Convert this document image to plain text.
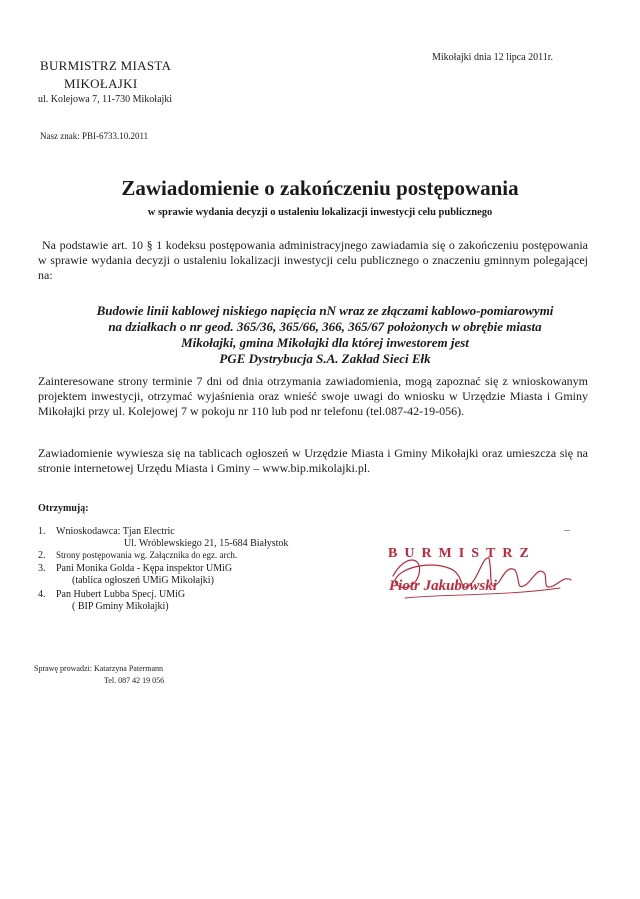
BURMISTRZ MIASTA
MIKOŁAJKI
ul. Kolejowa 7, 11-730 Mikołajki
Mikołajki dnia 12 lipca 2011r.
Nasz znak: PBI-6733.10.2011
Zawiadomienie o zakończeniu postępowania
w sprawie wydania decyzji o ustaleniu lokalizacji inwestycji celu publicznego
Na podstawie art. 10 § 1 kodeksu postępowania administracyjnego zawiadamia się o zakończeniu postępowania w sprawie wydania decyzji o ustaleniu lokalizacji inwestycji celu publicznego o znaczeniu gminnym polegającej na:
Budowie linii kablowej niskiego napięcia nN wraz ze złączami kablowo-pomiarowymi
na działkach o nr geod. 365/36, 365/66, 366, 365/67 położonych w obrębie miasta
Mikołajki, gmina Mikołajki dla której inwestorem jest
PGE Dystrybucja S.A. Zakład Sieci Ełk
Zainteresowane strony terminie 7 dni od dnia otrzymania zawiadomienia, mogą zapoznać się z wnioskowanym projektem inwestycji, otrzymać wyjaśnienia oraz wnieść swoje uwagi do wniosku w Urzędzie Miasta i Gminy Mikołajki przy ul. Kolejowej 7 w pokoju nr 110 lub pod nr telefonu (tel.087-42-19-056).
Zawiadomienie wywiesza się na tablicach ogłoszeń w Urzędzie Miasta i Gminy Mikołajki oraz umieszcza się na stronie internetowej Urzędu Miasta i Gminy – www.bip.mikolajki.pl.
Otrzymują:
1. Wnioskodawca: Tjan Electric
Ul. Wróblewskiego 21, 15-684 Białystok
2. Strony postępowania wg. Załącznika do egz. arch.
3. Pani Monika Golda - Kępa inspektor UMiG
(tablica ogłoszeń UMiG Mikołajki)
4. Pan Hubert Lubba Specj. UMiG
( BIP Gminy Mikołajki)
BURMISTRZ
Piotr Jakubowski
–
Sprawę prowadzi: Katarzyna Patermann
Tel. 087 42 19 056
